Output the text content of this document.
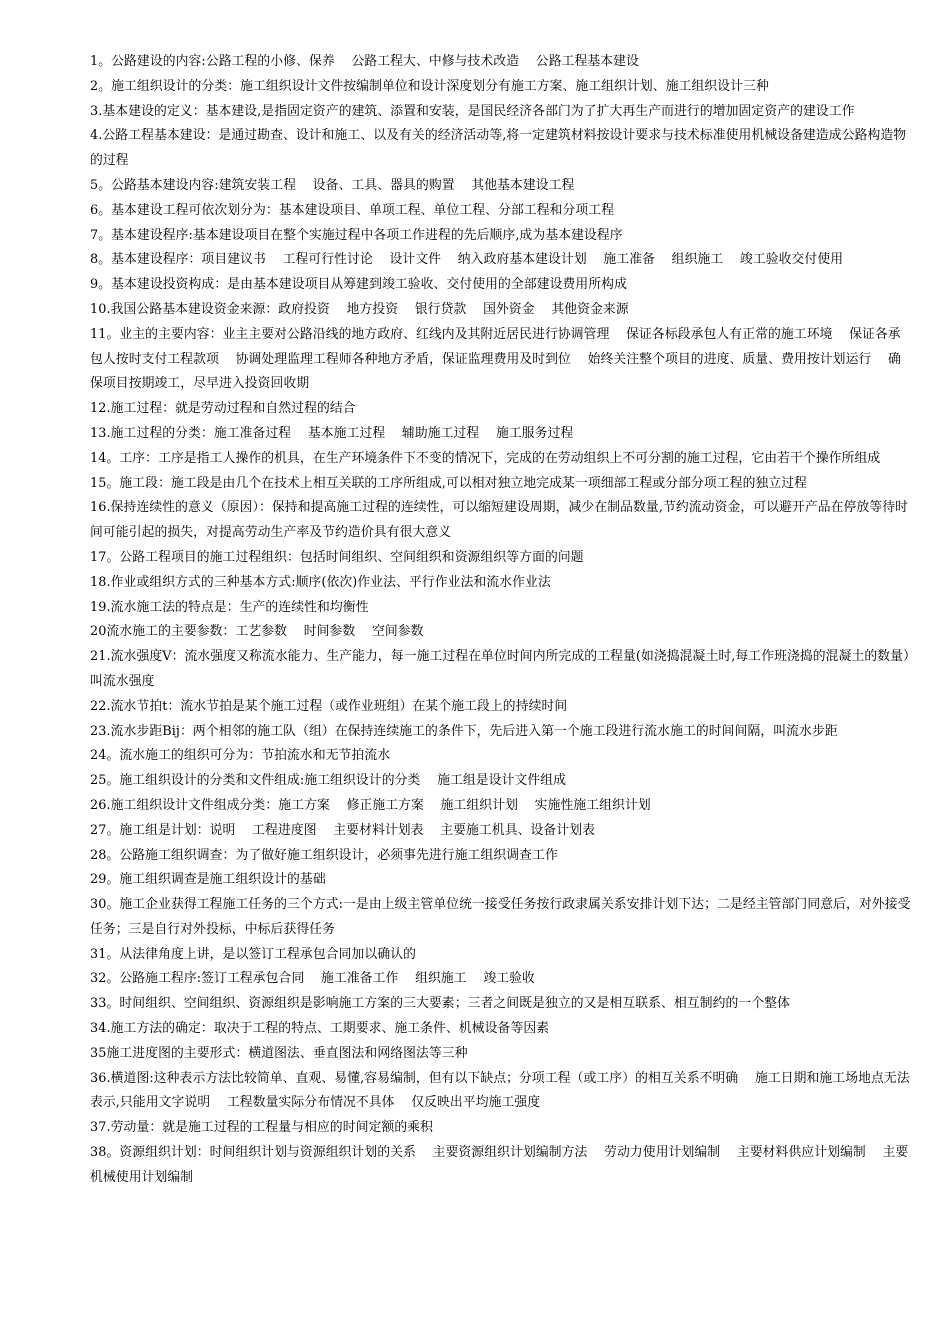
1。公路建设的内容:公路工程的小修、保养    公路工程大、中修与技术改造    公路工程基本建设

2。施工组织设计的分类：施工组织设计文件按编制单位和设计深度划分有施工方案、施工组织计划、施工组织设计三种

3.基本建设的定义：基本建设,是指固定资产的建筑、添置和安装，是国民经济各部门为了扩大再生产而进行的增加固定资产的建设工作

4.公路工程基本建设：是通过勘查、设计和施工、以及有关的经济活动等,将一定建筑材料按设计要求与技术标准使用机械设备建造成公路构造物的过程

5。公路基本建设内容:建筑安装工程    设备、工具、器具的购置    其他基本建设工程

6。基本建设工程可依次划分为：基本建设项目、单项工程、单位工程、分部工程和分项工程

7。基本建设程序:基本建设项目在整个实施过程中各项工作进程的先后顺序,成为基本建设程序

8。基本建设程序：项目建议书    工程可行性讨论    设计文件    纳入政府基本建设计划    施工准备    组织施工    竣工验收交付使用

9。基本建设投资构成：是由基本建设项目从筹建到竣工验收、交付使用的全部建设费用所构成

10.我国公路基本建设资金来源：政府投资    地方投资    银行贷款    国外资金    其他资金来源

11。业主的主要内容：业主主要对公路沿线的地方政府、红线内及其附近居民进行协调管理    保证各标段承包人有正常的施工环境    保证各承包人按时支付工程款项    协调处理监理工程师各种地方矛盾，保证监理费用及时到位    始终关注整个项目的进度、质量、费用按计划运行    确保项目按期竣工，尽早进入投资回收期

12.施工过程：就是劳动过程和自然过程的结合

13.施工过程的分类：施工准备过程    基本施工过程    辅助施工过程    施工服务过程

14。工序：工序是指工人操作的机具，在生产环境条件下不变的情况下，完成的在劳动组织上不可分割的施工过程，它由若干个操作所组成

15。施工段：施工段是由几个在技术上相互关联的工序所组成,可以相对独立地完成某一项细部工程或分部分项工程的独立过程

16.保持连续性的意义（原因）：保持和提高施工过程的连续性，可以缩短建设周期，减少在制品数量,节约流动资金，可以避开产品在停放等待时间可能引起的损失，对提高劳动生产率及节约造价具有很大意义

17。公路工程项目的施工过程组织：包括时间组织、空间组织和资源组织等方面的问题

18.作业或组织方式的三种基本方式:顺序(依次)作业法、平行作业法和流水作业法

19.流水施工法的特点是：生产的连续性和均衡性

20流水施工的主要参数：工艺参数    时间参数    空间参数

21.流水强度V：流水强度又称流水能力、生产能力，每一施工过程在单位时间内所完成的工程量(如浇捣混凝土时,每工作班浇捣的混凝土的数量）叫流水强度

22.流水节拍t：流水节拍是某个施工过程（或作业班组）在某个施工段上的持续时间

23.流水步距Bij：两个相邻的施工队（组）在保持连续施工的条件下，先后进入第一个施工段进行流水施工的时间间隔，叫流水步距

24。流水施工的组织可分为：节拍流水和无节拍流水

25。施工组织设计的分类和文件组成:施工组织设计的分类    施工组是设计文件组成

26.施工组织设计文件组成分类：施工方案    修正施工方案    施工组织计划    实施性施工组织计划

27。施工组是计划：说明    工程进度图    主要材料计划表    主要施工机具、设备计划表

28。公路施工组织调查：为了做好施工组织设计，必须事先进行施工组织调查工作

29。施工组织调查是施工组织设计的基础

30。施工企业获得工程施工任务的三个方式:一是由上级主管单位统一接受任务按行政隶属关系安排计划下达；二是经主管部门同意后，对外接受任务；三是自行对外投标，中标后获得任务

31。从法律角度上讲，是以签订工程承包合同加以确认的

32。公路施工程序:签订工程承包合同    施工准备工作    组织施工    竣工验收

33。时间组织、空间组织、资源组织是影响施工方案的三大要素；三者之间既是独立的又是相互联系、相互制约的一个整体

34.施工方法的确定：取决于工程的特点、工期要求、施工条件、机械设备等因素

35施工进度图的主要形式：横道图法、垂直图法和网络图法等三种

36.横道图:这种表示方法比较简单、直观、易懂,容易编制，但有以下缺点；分项工程（或工序）的相互关系不明确    施工日期和施工场地点无法表示,只能用文字说明    工程数量实际分布情况不具体    仅反映出平均施工强度

37.劳动量：就是施工过程的工程量与相应的时间定额的乘积

38。资源组织计划：时间组织计划与资源组织计划的关系    主要资源组织计划编制方法    劳动力使用计划编制    主要材料供应计划编制    主要机械使用计划编制
